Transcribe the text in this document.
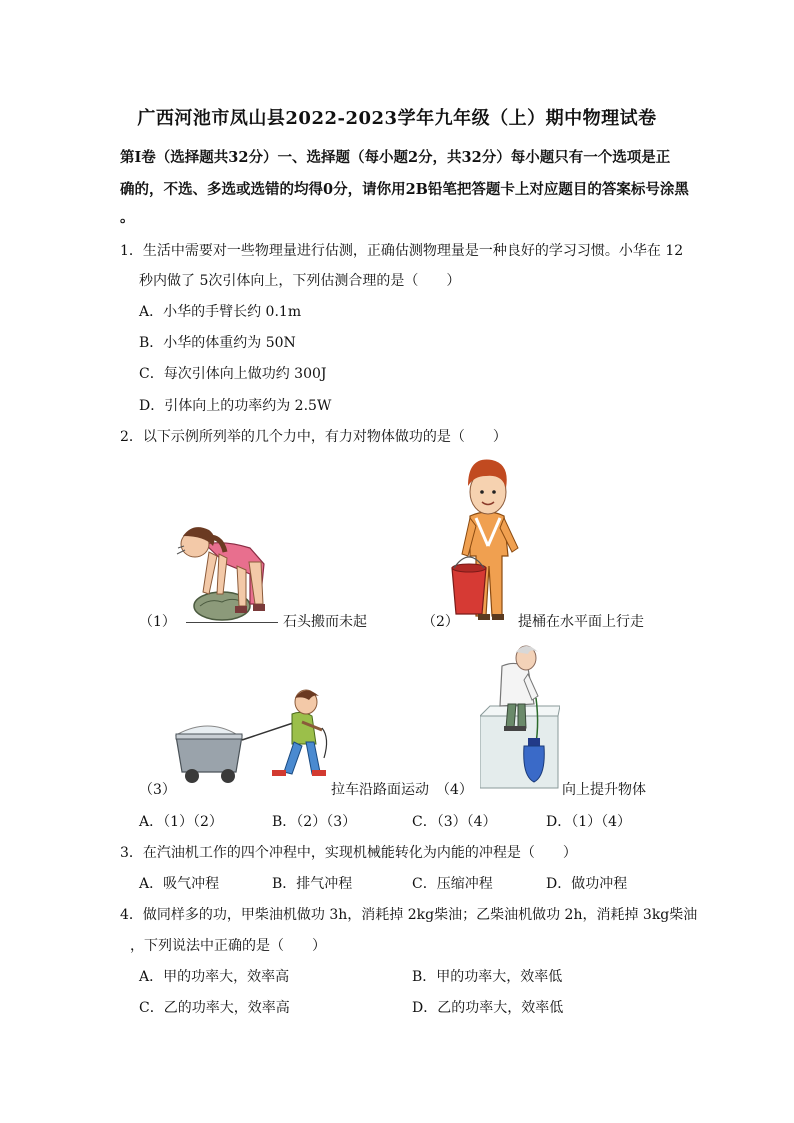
广西河池市凤山县2022-2023学年九年级（上）期中物理试卷
第Ⅰ卷（选择题共32分）一、选择题（每小题2分，共32分）每小题只有一个选项是正
确的，不选、多选或选错的均得0分，请你用2B铅笔把答题卡上对应题目的答案标号涂黑
。
1．生活中需要对一些物理量进行估测，正确估测物理量是一种良好的学习习惯。小华在 12
秒内做了 5次引体向上，下列估测合理的是（　　）
A．小华的手臂长约 0.1m
B．小华的体重约为 50N
C．每次引体向上做功约 300J
D．引体向上的功率约为 2.5W
2．以下示例所列举的几个力中，有力对物体做功的是（　　）
（1）	石头搬而未起	（2）	提桶在水平面上行走
（3）	拉车沿路面运动 （4）	向上提升物体
A．（1）（2）	B．（2）（3）	C．（3）（4）	D．（1）（4）
3．在汽油机工作的四个冲程中，实现机械能转化为内能的冲程是（　　）
A．吸气冲程	B．排气冲程	C．压缩冲程	D．做功冲程
4．做同样多的功，甲柴油机做功 3h，消耗掉 2kg柴油；乙柴油机做功 2h，消耗掉 3kg柴油
，下列说法中正确的是（　　）
A．甲的功率大，效率高	B．甲的功率大，效率低
C．乙的功率大，效率高	D．乙的功率大，效率低
